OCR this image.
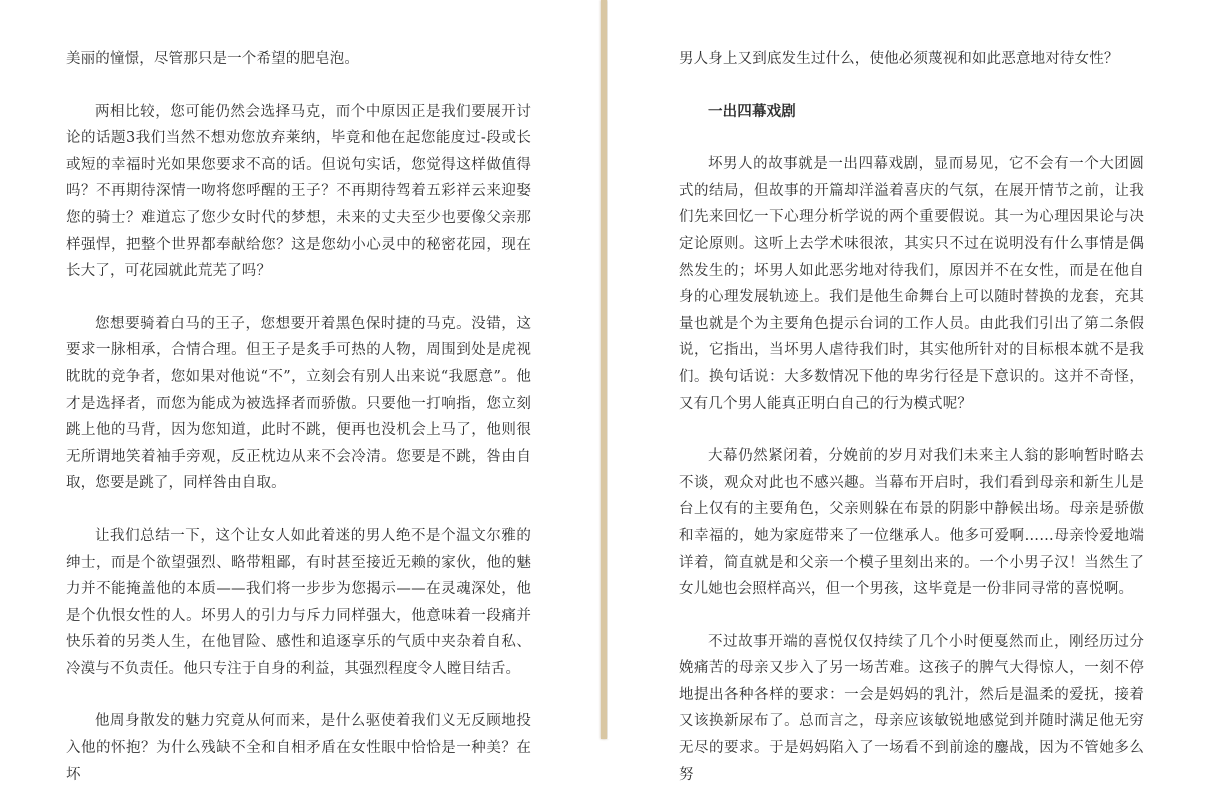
美丽的憧憬，尽管那只是一个希望的肥皂泡。

两相比较，您可能仍然会选择马克，而个中原因正是我们要展开讨论的话题3我们当然不想劝您放弃莱纳，毕竟和他在起您能度过-段或长或短的幸福时光如果您要求不高的话。但说句实话，您觉得这样做值得吗？不再期待深情一吻将您呼醒的王子？不再期待驾着五彩祥云来迎娶您的骑士？难道忘了您少女时代的梦想，未来的丈夫至少也要像父亲那样强悍，把整个世界都奉献给您？这是您幼小心灵中的秘密花园，现在长大了，可花园就此荒芜了吗？

您想要骑着白马的王子，您想要开着黑色保时捷的马克。没错，这要求一脉相承，合情合理。但王子是炙手可热的人物，周围到处是虎视眈眈的竞争者，您如果对他说“不”，立刻会有别人出来说“我愿意”。他才是选择者，而您为能成为被选择者而骄傲。只要他一打响指，您立刻跳上他的马背，因为您知道，此时不跳，便再也没机会上马了，他则很无所谓地笑着袖手旁观，反正枕边从来不会冷清。您要是不跳，咎由自取，您要是跳了，同样咎由自取。

让我们总结一下，这个让女人如此着迷的男人绝不是个温文尔雅的绅士，而是个欲望强烈、略带粗鄙，有时甚至接近无赖的家伙，他的魅力并不能掩盖他的本质——我们将一步步为您揭示——在灵魂深处，他是个仇恨女性的人。坏男人的引力与斥力同样强大，他意味着一段痛并快乐着的另类人生，在他冒险、感性和追逐享乐的气质中夹杂着自私、冷漠与不负责任。他只专注于自身的利益，其强烈程度令人瞠目结舌。

他周身散发的魅力究竟从何而来，是什么驱使着我们义无反顾地投入他的怀抱？为什么残缺不全和自相矛盾在女性眼中恰恰是一种美？在坏

男人身上又到底发生过什么，使他必须蔑视和如此恶意地对待女性？

一出四幕戏剧

坏男人的故事就是一出四幕戏剧，显而易见，它不会有一个大团圆式的结局，但故事的开篇却洋溢着喜庆的气氛，在展开情节之前，让我们先来回忆一下心理分析学说的两个重要假说。其一为心理因果论与决定论原则。这听上去学术味很浓，其实只不过在说明没有什么事情是偶然发生的；坏男人如此恶劣地对待我们，原因并不在女性，而是在他自身的心理发展轨迹上。我们是他生命舞台上可以随时替换的龙套，充其量也就是个为主要角色提示台词的工作人员。由此我们引出了第二条假说，它指出，当坏男人虐待我们时，其实他所针对的目标根本就不是我们。换句话说：大多数情况下他的卑劣行径是下意识的。这并不奇怪，又有几个男人能真正明白自己的行为模式呢？

大幕仍然紧闭着，分娩前的岁月对我们未来主人翁的影响暂时略去不谈，观众对此也不感兴趣。当幕布开启时，我们看到母亲和新生儿是台上仅有的主要角色，父亲则躲在布景的阴影中静候出场。母亲是骄傲和幸福的，她为家庭带来了一位继承人。他多可爱啊……母亲怜爱地端详着，简直就是和父亲一个模子里刻出来的。一个小男子汉！当然生了女儿她也会照样高兴，但一个男孩，这毕竟是一份非同寻常的喜悦啊。

不过故事开端的喜悦仅仅持续了几个小时便戛然而止，刚经历过分娩痛苦的母亲又步入了另一场苦难。这孩子的脾气大得惊人，一刻不停地提出各种各样的要求：一会是妈妈的乳汁，然后是温柔的爱抚，接着又该换新尿布了。总而言之，母亲应该敏锐地感觉到并随时满足他无穷无尽的要求。于是妈妈陷入了一场看不到前途的鏖战，因为不管她多么努
